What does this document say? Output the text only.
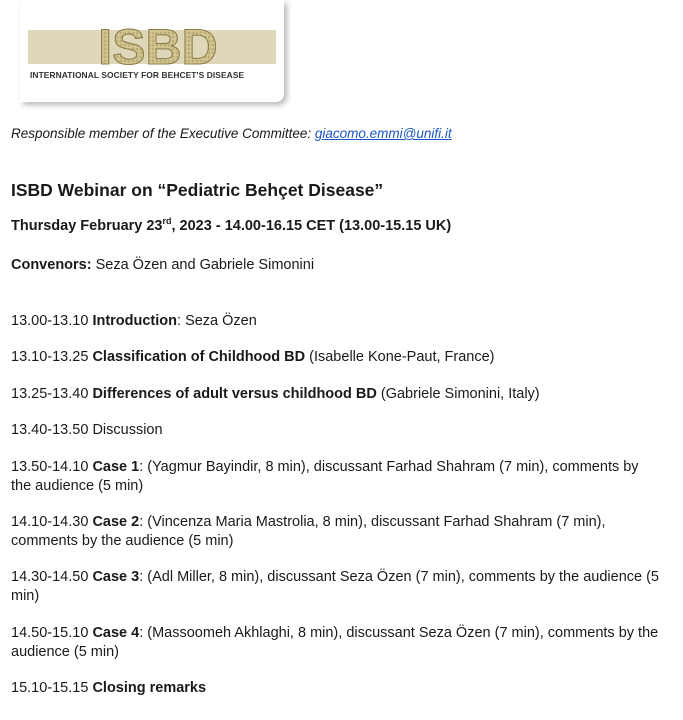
ISBD
INTERNATIONAL SOCIETY FOR BEHCET'S DISEASE
Responsible member of the Executive Committee: giacomo.emmi@unifi.it
ISBD Webinar on “Pediatric Behçet Disease”
Thursday February 23rd, 2023 - 14.00-16.15 CET (13.00-15.15 UK)
Convenors: Seza Özen and Gabriele Simonini
13.00-13.10 Introduction: Seza Özen
13.10-13.25 Classification of Childhood BD (Isabelle Kone-Paut, France)
13.25-13.40 Differences of adult versus childhood BD (Gabriele Simonini, Italy)
13.40-13.50 Discussion
13.50-14.10 Case 1: (Yagmur Bayindir, 8 min), discussant Farhad Shahram (7 min), comments by the audience (5 min)
14.10-14.30 Case 2: (Vincenza Maria Mastrolia, 8 min), discussant Farhad Shahram (7 min), comments by the audience (5 min)
14.30-14.50 Case 3: (Adl Miller, 8 min), discussant Seza Özen (7 min), comments by the audience (5 min)
14.50-15.10 Case 4: (Massoomeh Akhlaghi, 8 min), discussant Seza Özen (7 min), comments by the audience (5 min)
15.10-15.15 Closing remarks
